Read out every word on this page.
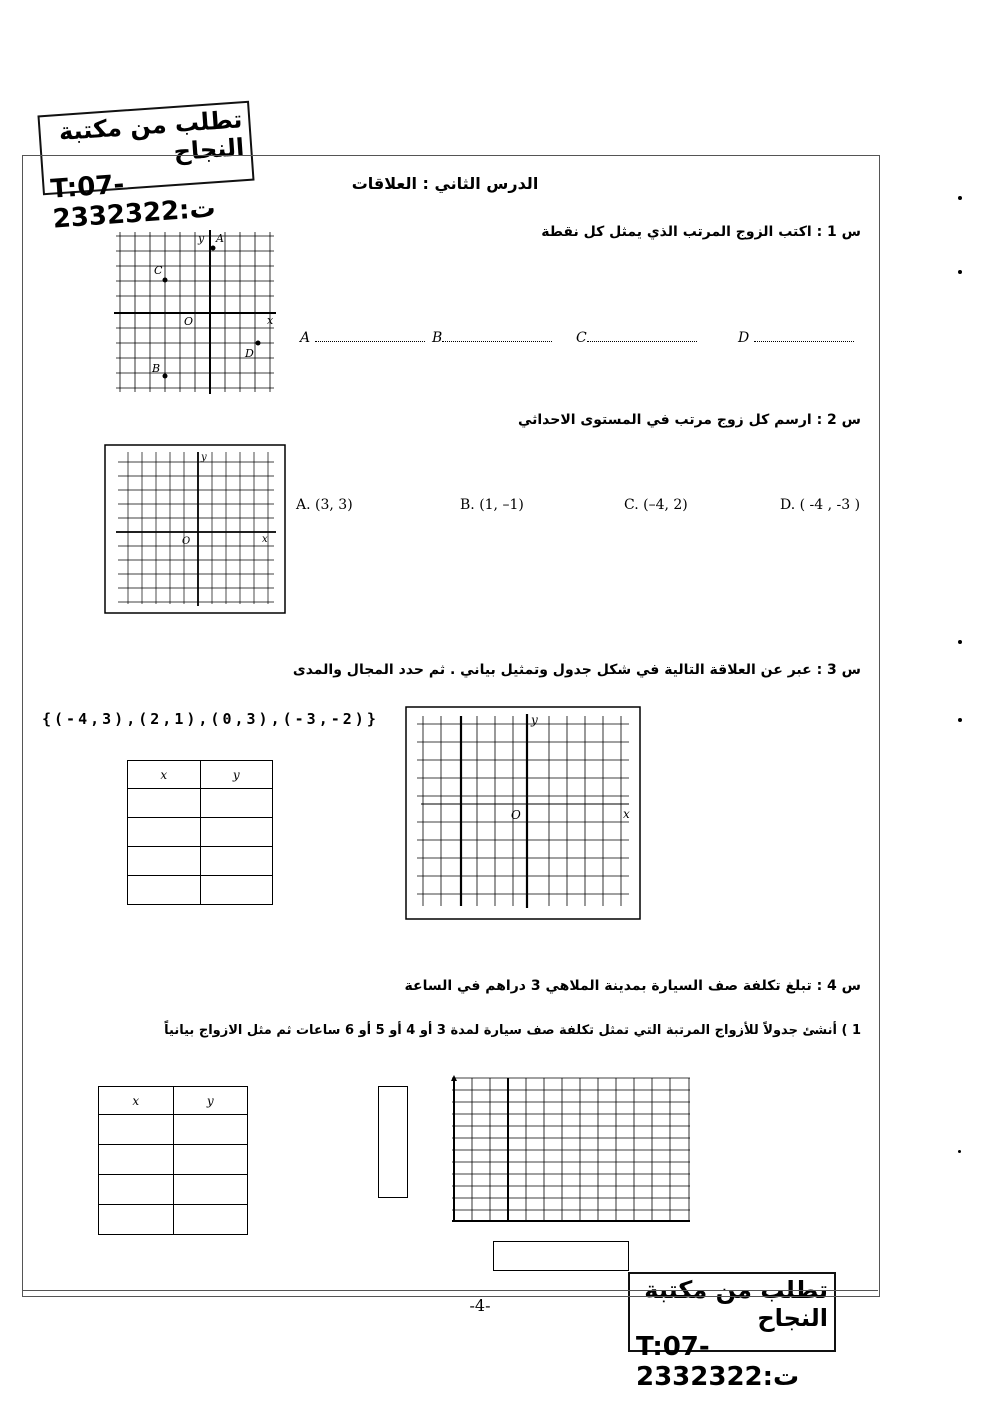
تطلب من مكتبة النجاح
T:07-2332322:ت
تطلب من مكتبة النجاح
T:07-2332322:ت
الدرس الثاني : العلاقات
س 1 : اكتب الزوج المرتب الذي يمثل كل نقطة
y A
C
O	x
D
B
A	B	C	D
س 2 : ارسم كل زوج مرتب في المستوى الاحداثي
y
O	x
A. (3, 3)	B. (1, –1)	C. (–4, 2)	D. ( -4 , -3 )
س 3 : عبر عن العلاقة التالية في شكل جدول وتمثيل بياني . ثم حدد المجال والمدى
{(-4,3),(2,1),(0,3),(-3,-2)}
x	y

y
O	x
س 4 : تبلغ تكلفة صف السيارة بمدينة الملاهي 3 دراهم في الساعة
1 ) أنشئ جدولاً للأزواج المرتبة التي تمثل تكلفة صف سيارة لمدة 3 أو 4 أو 5 أو 6 ساعات ثم مثل الازواج بيانياً
x	y

-4-
